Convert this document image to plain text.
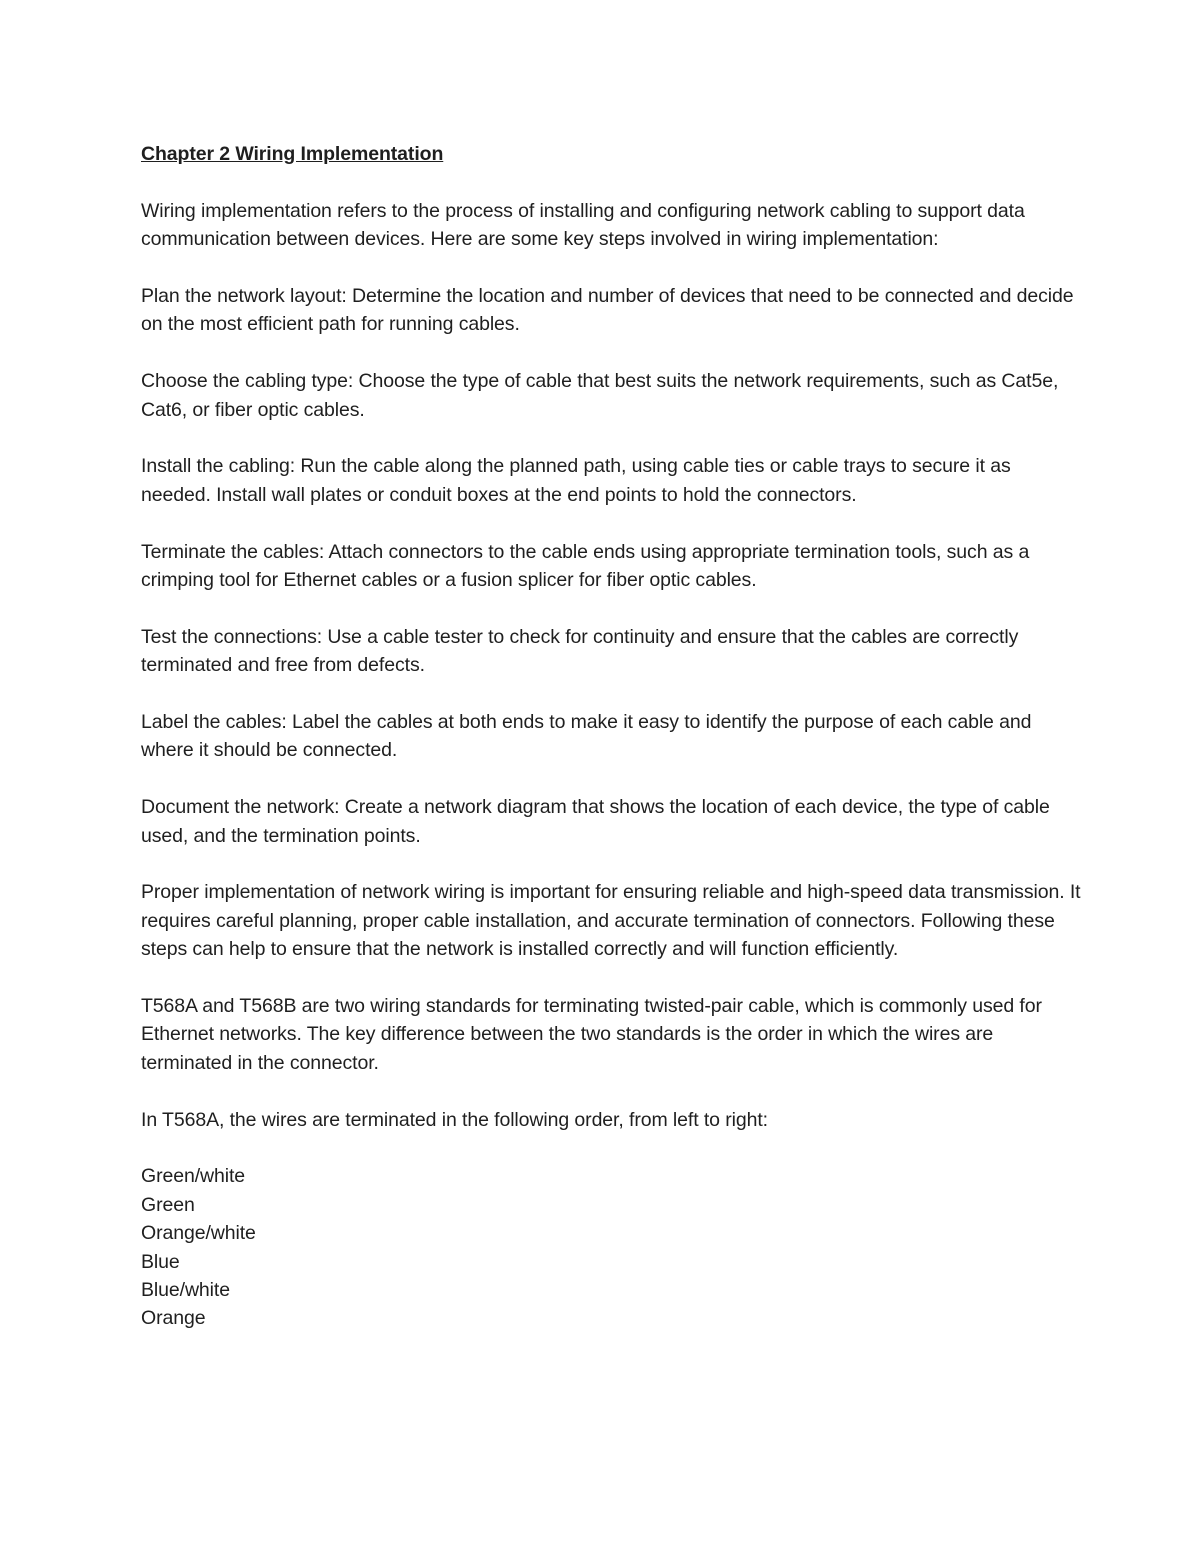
Chapter 2 Wiring Implementation

Wiring implementation refers to the process of installing and configuring network cabling to support data communication between devices. Here are some key steps involved in wiring implementation:

Plan the network layout: Determine the location and number of devices that need to be connected and decide on the most efficient path for running cables.

Choose the cabling type: Choose the type of cable that best suits the network requirements, such as Cat5e, Cat6, or fiber optic cables.

Install the cabling: Run the cable along the planned path, using cable ties or cable trays to secure it as needed. Install wall plates or conduit boxes at the end points to hold the connectors.

Terminate the cables: Attach connectors to the cable ends using appropriate termination tools, such as a crimping tool for Ethernet cables or a fusion splicer for fiber optic cables.

Test the connections: Use a cable tester to check for continuity and ensure that the cables are correctly terminated and free from defects.

Label the cables: Label the cables at both ends to make it easy to identify the purpose of each cable and where it should be connected.

Document the network: Create a network diagram that shows the location of each device, the type of cable used, and the termination points.

Proper implementation of network wiring is important for ensuring reliable and high-speed data transmission. It requires careful planning, proper cable installation, and accurate termination of connectors. Following these steps can help to ensure that the network is installed correctly and will function efficiently.

T568A and T568B are two wiring standards for terminating twisted-pair cable, which is commonly used for Ethernet networks. The key difference between the two standards is the order in which the wires are terminated in the connector.

In T568A, the wires are terminated in the following order, from left to right:

Green/white
Green
Orange/white
Blue
Blue/white
Orange
